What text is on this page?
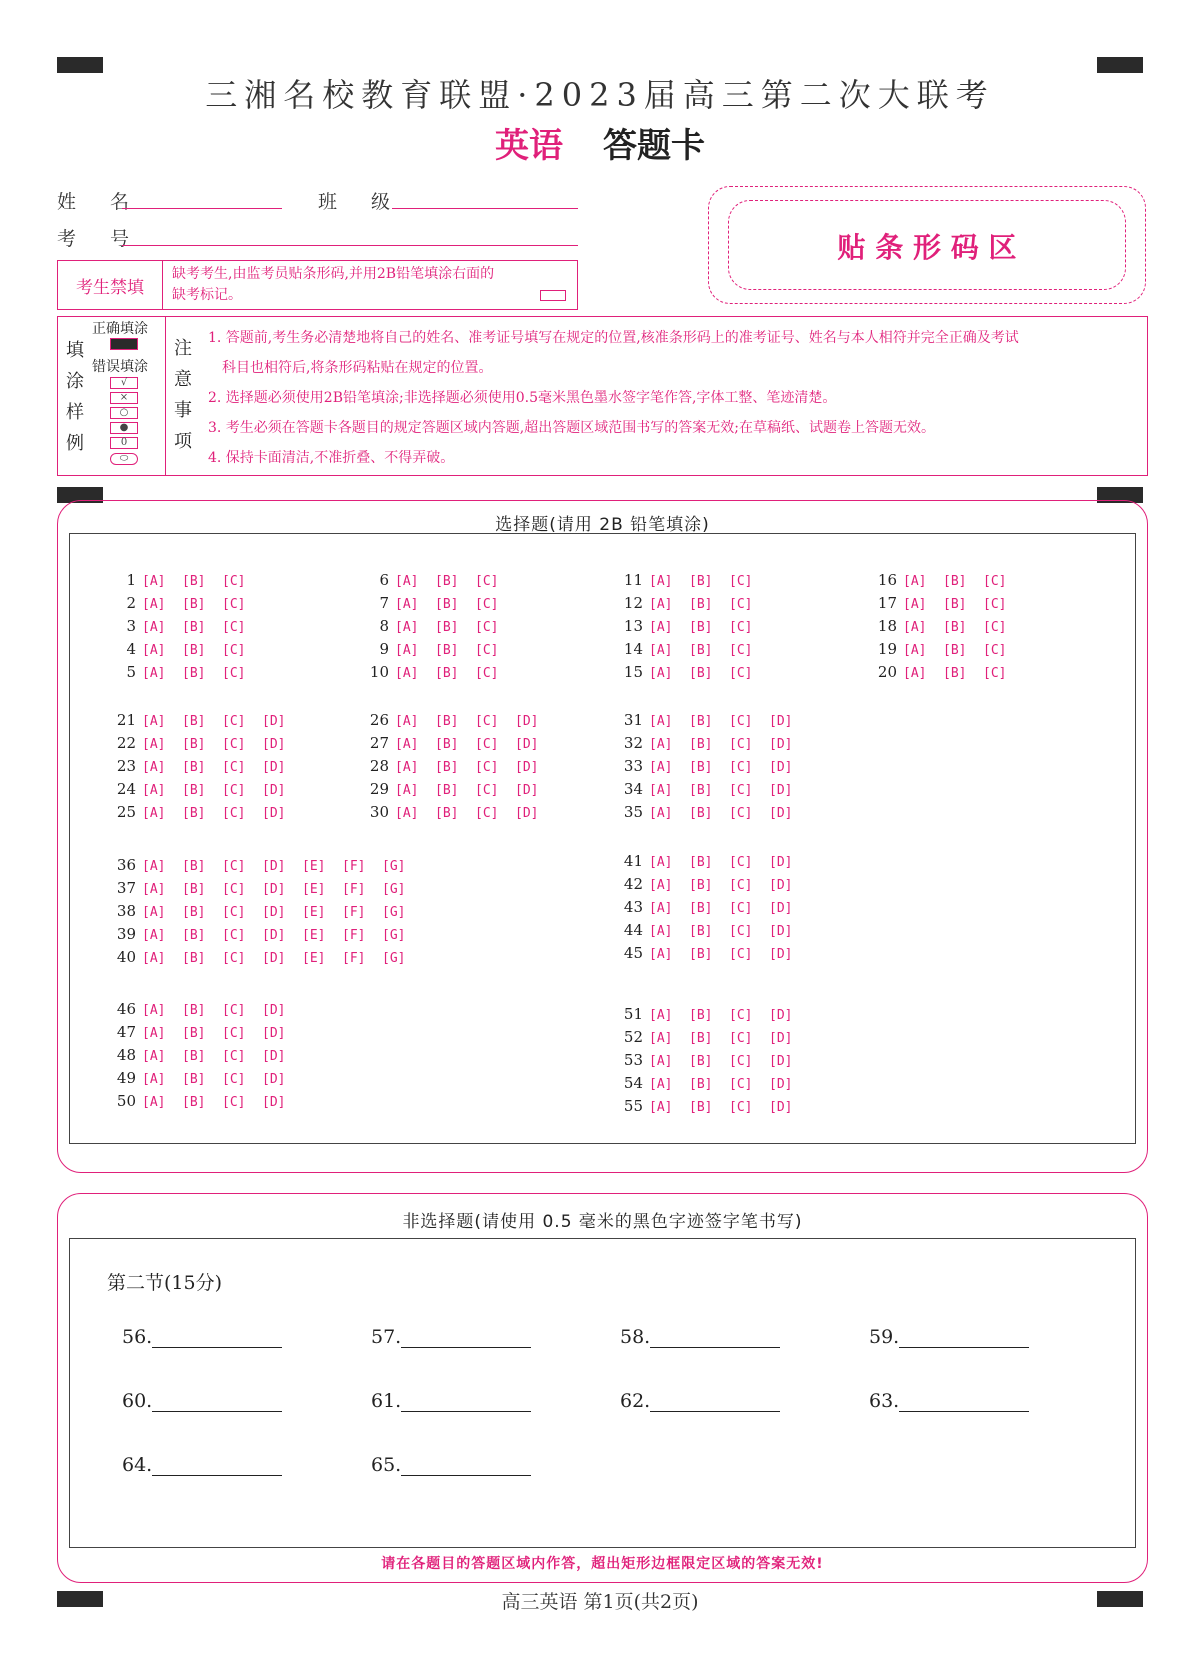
三湘名校教育联盟·2023届高三第二次大联考
英语 答题卡
姓 名	班 级
考 号	贴 条 形 码 区
考生禁填
缺考考生,由监考员贴条形码,并用2B铅笔填涂右面的
缺考标记。
填
涂
样
例
正确填涂
错误填涂
√
×
○
●
0
⬭
注
意
事
项
1. 答题前,考生务必清楚地将自己的姓名、准考证号填写在规定的位置,核准条形码上的准考证号、姓名与本人相符并完全正确及考试
科目也相符后,将条形码粘贴在规定的位置。
2. 选择题必须使用2B铅笔填涂;非选择题必须使用0.5毫米黑色墨水签字笔作答,字体工整、笔迹清楚。
3. 考生必须在答题卡各题目的规定答题区域内答题,超出答题区域范围书写的答案无效;在草稿纸、试题卷上答题无效。
4. 保持卡面清洁,不准折叠、不得弄破。
选择题(请用 2B 铅笔填涂)
1 [A] [B] [C]
2 [A] [B] [C]
3 [A] [B] [C]
4 [A] [B] [C]
5 [A] [B] [C]
6 [A] [B] [C]
7 [A] [B] [C]
8 [A] [B] [C]
9 [A] [B] [C]
10 [A] [B] [C]
11 [A] [B] [C]
12 [A] [B] [C]
13 [A] [B] [C]
14 [A] [B] [C]
15 [A] [B] [C]
16 [A] [B] [C]
17 [A] [B] [C]
18 [A] [B] [C]
19 [A] [B] [C]
20 [A] [B] [C]
21 [A] [B] [C] [D]
22 [A] [B] [C] [D]
23 [A] [B] [C] [D]
24 [A] [B] [C] [D]
25 [A] [B] [C] [D]
26 [A] [B] [C] [D]
27 [A] [B] [C] [D]
28 [A] [B] [C] [D]
29 [A] [B] [C] [D]
30 [A] [B] [C] [D]
31 [A] [B] [C] [D]
32 [A] [B] [C] [D]
33 [A] [B] [C] [D]
34 [A] [B] [C] [D]
35 [A] [B] [C] [D]
36 [A] [B] [C] [D] [E] [F] [G]
37 [A] [B] [C] [D] [E] [F] [G]
38 [A] [B] [C] [D] [E] [F] [G]
39 [A] [B] [C] [D] [E] [F] [G]
40 [A] [B] [C] [D] [E] [F] [G]
41 [A] [B] [C] [D]
42 [A] [B] [C] [D]
43 [A] [B] [C] [D]
44 [A] [B] [C] [D]
45 [A] [B] [C] [D]
46 [A] [B] [C] [D]
47 [A] [B] [C] [D]
48 [A] [B] [C] [D]
49 [A] [B] [C] [D]
50 [A] [B] [C] [D]
51 [A] [B] [C] [D]
52 [A] [B] [C] [D]
53 [A] [B] [C] [D]
54 [A] [B] [C] [D]
55 [A] [B] [C] [D]
非选择题(请使用 0.5 毫米的黑色字迹签字笔书写)
请在各题目的答题区域内作答，超出矩形边框限定区域的答案无效!
第二节(15分)
56.	57.	58.	59.
60.	61.	62.	63.
64.	65.
高三英语 第1页(共2页)
